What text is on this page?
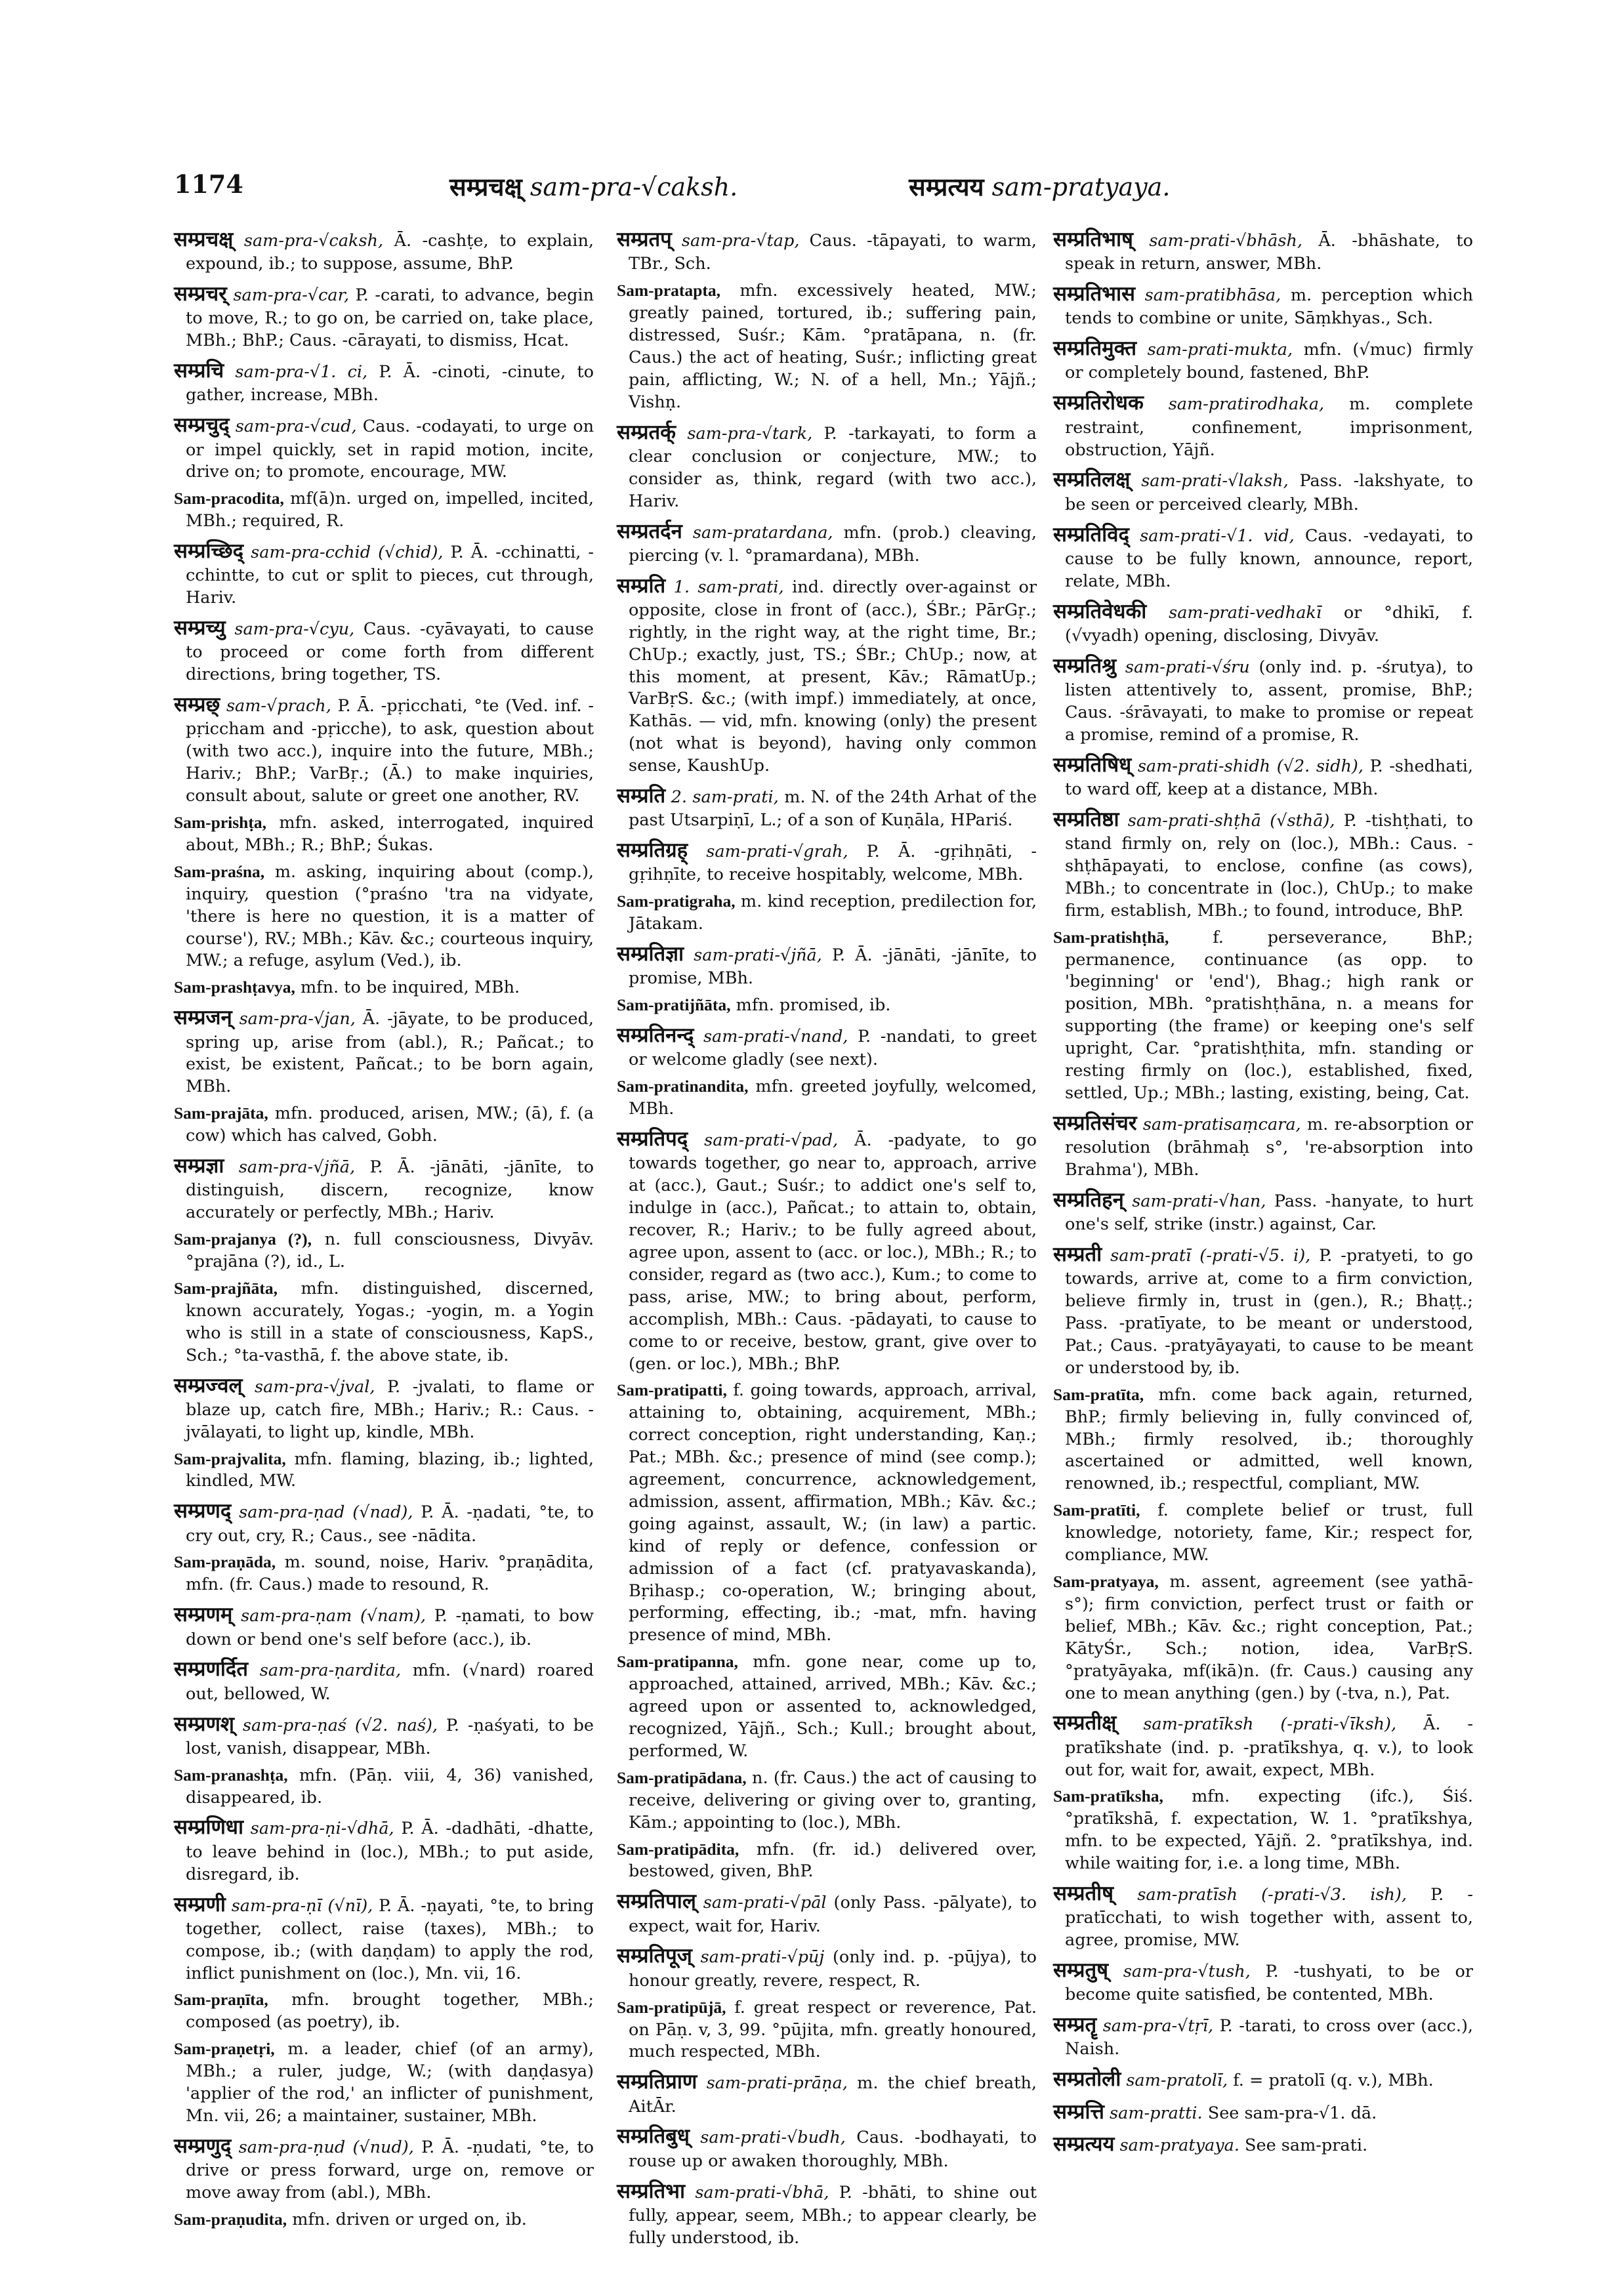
1174	सम्प्रचक्ष् sam-pra-√caksh.	सम्प्रत्यय sam-pratyaya.
सम्प्रचक्ष् sam-pra-√caksh, Ā. -cashṭe, to explain, expound, ib.; to suppose, assume, BhP.
सम्प्रचर् sam-pra-√car, P. -carati, to advance, begin to move, R.; to go on, be carried on, take place, MBh.; BhP.; Caus. -cārayati, to dismiss, Hcat.
सम्प्रचि sam-pra-√1. ci, P. Ā. -cinoti, -cinute, to gather, increase, MBh.
सम्प्रचुद् sam-pra-√cud, Caus. -codayati, to urge on or impel quickly, set in rapid motion, incite, drive on; to promote, encourage, MW.
Sam-pracodita, mf(ā)n. urged on, impelled, incited, MBh.; required, R.
सम्प्रच्छिद् sam-pra-cchid (√chid), P. Ā. -cchinatti, -cchintte, to cut or split to pieces, cut through, Hariv.
सम्प्रच्यु sam-pra-√cyu, Caus. -cyāvayati, to cause to proceed or come forth from different directions, bring together, TS.
सम्प्रछ् sam-√prach, P. Ā. -pṛicchati, °te (Ved. inf. -pṛiccham and -pṛicche), to ask, question about (with two acc.), inquire into the future, MBh.; Hariv.; BhP.; VarBṛ.; (Ā.) to make inquiries, consult about, salute or greet one another, RV.
Sam-prishṭa, mfn. asked, interrogated, inquired about, MBh.; R.; BhP.; Śukas.
Sam-praśna, m. asking, inquiring about (comp.), inquiry, question (°praśno 'tra na vidyate, 'there is here no question, it is a matter of course'), RV.; MBh.; Kāv. &c.; courteous inquiry, MW.; a refuge, asylum (Ved.), ib.
Sam-prashṭavya, mfn. to be inquired, MBh.
सम्प्रजन् sam-pra-√jan, Ā. -jāyate, to be produced, spring up, arise from (abl.), R.; Pañcat.; to exist, be existent, Pañcat.; to be born again, MBh.
Sam-prajāta, mfn. produced, arisen, MW.; (ā), f. (a cow) which has calved, Gobh.
सम्प्रज्ञा sam-pra-√jñā, P. Ā. -jānāti, -jānīte, to distinguish, discern, recognize, know accurately or perfectly, MBh.; Hariv.
Sam-prajanya (?), n. full consciousness, Divyāv. °prajāna (?), id., L.
Sam-prajñāta, mfn. distinguished, discerned, known accurately, Yogas.; -yogin, m. a Yogin who is still in a state of consciousness, KapS., Sch.; °ta-vasthā, f. the above state, ib.
सम्प्रज्वल् sam-pra-√jval, P. -jvalati, to flame or blaze up, catch fire, MBh.; Hariv.; R.: Caus. -jvālayati, to light up, kindle, MBh.
Sam-prajvalita, mfn. flaming, blazing, ib.; lighted, kindled, MW.
सम्प्रणद् sam-pra-ṇad (√nad), P. Ā. -ṇadati, °te, to cry out, cry, R.; Caus., see -nādita.
Sam-praṇāda, m. sound, noise, Hariv. °praṇādita, mfn. (fr. Caus.) made to resound, R.
सम्प्रणम् sam-pra-ṇam (√nam), P. -ṇamati, to bow down or bend one's self before (acc.), ib.
सम्प्रणर्दित sam-pra-ṇardita, mfn. (√nard) roared out, bellowed, W.
सम्प्रणश् sam-pra-ṇaś (√2. naś), P. -ṇaśyati, to be lost, vanish, disappear, MBh.
Sam-pranashṭa, mfn. (Pāṇ. viii, 4, 36) vanished, disappeared, ib.
सम्प्रणिधा sam-pra-ṇi-√dhā, P. Ā. -dadhāti, -dhatte, to leave behind in (loc.), MBh.; to put aside, disregard, ib.
सम्प्रणी sam-pra-ṇī (√nī), P. Ā. -ṇayati, °te, to bring together, collect, raise (taxes), MBh.; to compose, ib.; (with daṇḍam) to apply the rod, inflict punishment on (loc.), Mn. vii, 16.
Sam-praṇīta, mfn. brought together, MBh.; composed (as poetry), ib.
Sam-praṇetṛi, m. a leader, chief (of an army), MBh.; a ruler, judge, W.; (with daṇḍasya) 'applier of the rod,' an inflicter of punishment, Mn. vii, 26; a maintainer, sustainer, MBh.
सम्प्रणुद् sam-pra-ṇud (√nud), P. Ā. -ṇudati, °te, to drive or press forward, urge on, remove or move away from (abl.), MBh.
Sam-praṇudita, mfn. driven or urged on, ib.
सम्प्रतप् sam-pra-√tap, Caus. -tāpayati, to warm, TBr., Sch.
Sam-pratapta, mfn. excessively heated, MW.; greatly pained, tortured, ib.; suffering pain, distressed, Suśr.; Kām. °pratāpana, n. (fr. Caus.) the act of heating, Suśr.; inflicting great pain, afflicting, W.; N. of a hell, Mn.; Yājñ.; Vishṇ.
सम्प्रतर्क् sam-pra-√tark, P. -tarkayati, to form a clear conclusion or conjecture, MW.; to consider as, think, regard (with two acc.), Hariv.
सम्प्रतर्दन sam-pratardana, mfn. (prob.) cleaving, piercing (v. l. °pramardana), MBh.
सम्प्रति 1. sam-prati, ind. directly over-against or opposite, close in front of (acc.), ŚBr.; PārGṛ.; rightly, in the right way, at the right time, Br.; ChUp.; exactly, just, TS.; ŚBr.; ChUp.; now, at this moment, at present, Kāv.; RāmatUp.; VarBṛS. &c.; (with impf.) immediately, at once, Kathās. — vid, mfn. knowing (only) the present (not what is beyond), having only common sense, KaushUp.
सम्प्रति 2. sam-prati, m. N. of the 24th Arhat of the past Utsarpiṇī, L.; of a son of Kuṇāla, HPariś.
सम्प्रतिग्रह् sam-prati-√grah, P. Ā. -gṛihṇāti, -gṛihṇīte, to receive hospitably, welcome, MBh.
Sam-pratigraha, m. kind reception, predilection for, Jātakam.
सम्प्रतिज्ञा sam-prati-√jñā, P. Ā. -jānāti, -jānīte, to promise, MBh.
Sam-pratijñāta, mfn. promised, ib.
सम्प्रतिनन्द् sam-prati-√nand, P. -nandati, to greet or welcome gladly (see next).
Sam-pratinandita, mfn. greeted joyfully, welcomed, MBh.
सम्प्रतिपद् sam-prati-√pad, Ā. -padyate, to go towards together, go near to, approach, arrive at (acc.), Gaut.; Suśr.; to addict one's self to, indulge in (acc.), Pañcat.; to attain to, obtain, recover, R.; Hariv.; to be fully agreed about, agree upon, assent to (acc. or loc.), MBh.; R.; to consider, regard as (two acc.), Kum.; to come to pass, arise, MW.; to bring about, perform, accomplish, MBh.: Caus. -pādayati, to cause to come to or receive, bestow, grant, give over to (gen. or loc.), MBh.; BhP.
Sam-pratipatti, f. going towards, approach, arrival, attaining to, obtaining, acquirement, MBh.; correct conception, right understanding, Kaṇ.; Pat.; MBh. &c.; presence of mind (see comp.); agreement, concurrence, acknowledgement, admission, assent, affirmation, MBh.; Kāv. &c.; going against, assault, W.; (in law) a partic. kind of reply or defence, confession or admission of a fact (cf. pratyavaskanda), Bṛihasp.; co-operation, W.; bringing about, performing, effecting, ib.; -mat, mfn. having presence of mind, MBh.
Sam-pratipanna, mfn. gone near, come up to, approached, attained, arrived, MBh.; Kāv. &c.; agreed upon or assented to, acknowledged, recognized, Yājñ., Sch.; Kull.; brought about, performed, W.
Sam-pratipādana, n. (fr. Caus.) the act of causing to receive, delivering or giving over to, granting, Kām.; appointing to (loc.), MBh.
Sam-pratipādita, mfn. (fr. id.) delivered over, bestowed, given, BhP.
सम्प्रतिपाल् sam-prati-√pāl (only Pass. -pālyate), to expect, wait for, Hariv.
सम्प्रतिपूज् sam-prati-√pūj (only ind. p. -pūjya), to honour greatly, revere, respect, R.
Sam-pratipūjā, f. great respect or reverence, Pat. on Pāṇ. v, 3, 99. °pūjita, mfn. greatly honoured, much respected, MBh.
सम्प्रतिप्राण sam-prati-prāṇa, m. the chief breath, AitĀr.
सम्प्रतिबुध् sam-prati-√budh, Caus. -bodhayati, to rouse up or awaken thoroughly, MBh.
सम्प्रतिभा sam-prati-√bhā, P. -bhāti, to shine out fully, appear, seem, MBh.; to appear clearly, be fully understood, ib.
सम्प्रतिभाष् sam-prati-√bhāsh, Ā. -bhāshate, to speak in return, answer, MBh.
सम्प्रतिभास sam-pratibhāsa, m. perception which tends to combine or unite, Sāṃkhyas., Sch.
सम्प्रतिमुक्त sam-prati-mukta, mfn. (√muc) firmly or completely bound, fastened, BhP.
सम्प्रतिरोधक sam-pratirodhaka, m. complete restraint, confinement, imprisonment, obstruction, Yājñ.
सम्प्रतिलक्ष् sam-prati-√laksh, Pass. -lakshyate, to be seen or perceived clearly, MBh.
सम्प्रतिविद् sam-prati-√1. vid, Caus. -vedayati, to cause to be fully known, announce, report, relate, MBh.
सम्प्रतिवेधकी sam-prati-vedhakī or °dhikī, f. (√vyadh) opening, disclosing, Divyāv.
सम्प्रतिश्रु sam-prati-√śru (only ind. p. -śrutya), to listen attentively to, assent, promise, BhP.; Caus. -śrāvayati, to make to promise or repeat a promise, remind of a promise, R.
सम्प्रतिषिध् sam-prati-shidh (√2. sidh), P. -shedhati, to ward off, keep at a distance, MBh.
सम्प्रतिष्ठा sam-prati-shṭhā (√sthā), P. -tishṭhati, to stand firmly on, rely on (loc.), MBh.: Caus. -shṭhāpayati, to enclose, confine (as cows), MBh.; to concentrate in (loc.), ChUp.; to make firm, establish, MBh.; to found, introduce, BhP.
Sam-pratishṭhā,	f. perseverance, BhP.; permanence, continuance (as opp. to 'beginning' or 'end'), Bhag.; high rank or position, MBh. °pratishṭhāna, n. a means for supporting (the frame) or keeping one's self upright, Car. °pratishṭhita, mfn. standing or resting firmly on (loc.), established, fixed, settled, Up.; MBh.; lasting, existing, being, Cat.
सम्प्रतिसंचर sam-pratisaṃcara, m. re-absorption or resolution (brāhmaḥ s°, 're-absorption into Brahma'), MBh.
सम्प्रतिहन् sam-prati-√han, Pass. -hanyate, to hurt one's self, strike (instr.) against, Car.
सम्प्रती sam-pratī (-prati-√5. i), P. -pratyeti, to go towards, arrive at, come to a firm conviction, believe firmly in, trust in (gen.), R.; Bhaṭṭ.; Pass. -pratīyate, to be meant or understood, Pat.; Caus. -pratyāyayati, to cause to be meant or understood by, ib.
Sam-pratīta, mfn. come back again, returned, BhP.; firmly believing in, fully convinced of, MBh.; firmly resolved, ib.; thoroughly ascertained or admitted, well known, renowned, ib.; respectful, compliant, MW.
Sam-pratīti, f. complete belief or trust, full knowledge, notoriety, fame, Kir.; respect for, compliance, MW.
Sam-pratyaya, m. assent, agreement (see yathā-s°); firm conviction, perfect trust or faith or belief, MBh.; Kāv. &c.; right conception, Pat.; KātyŚr., Sch.; notion, idea, VarBṛS. °pratyāyaka, mf(ikā)n. (fr. Caus.) causing any one to mean anything (gen.) by (-tva, n.), Pat.
सम्प्रतीक्ष् sam-pratīksh (-prati-√īksh), Ā. -pratīkshate (ind. p. -pratīkshya, q. v.), to look out for, wait for, await, expect, MBh.
Sam-pratīksha, mfn. expecting (ifc.), Śiś. °pratīkshā, f. expectation, W. 1. °pratīkshya, mfn. to be expected, Yājñ. 2. °pratīkshya, ind. while waiting for, i.e. a long time, MBh.
सम्प्रतीष् sam-pratīsh (-prati-√3. ish), P. -pratīcchati, to wish together with, assent to, agree, promise, MW.
सम्प्रतुष् sam-pra-√tush, P. -tushyati, to be or become quite satisfied, be contented, MBh.
सम्प्रतॄ sam-pra-√tṛī, P. -tarati, to cross over (acc.), Naish.
सम्प्रतोली sam-pratolī, f. = pratolī (q. v.), MBh.
सम्प्रत्ति sam-pratti. See sam-pra-√1. dā.
सम्प्रत्यय sam-pratyaya. See sam-prati.
